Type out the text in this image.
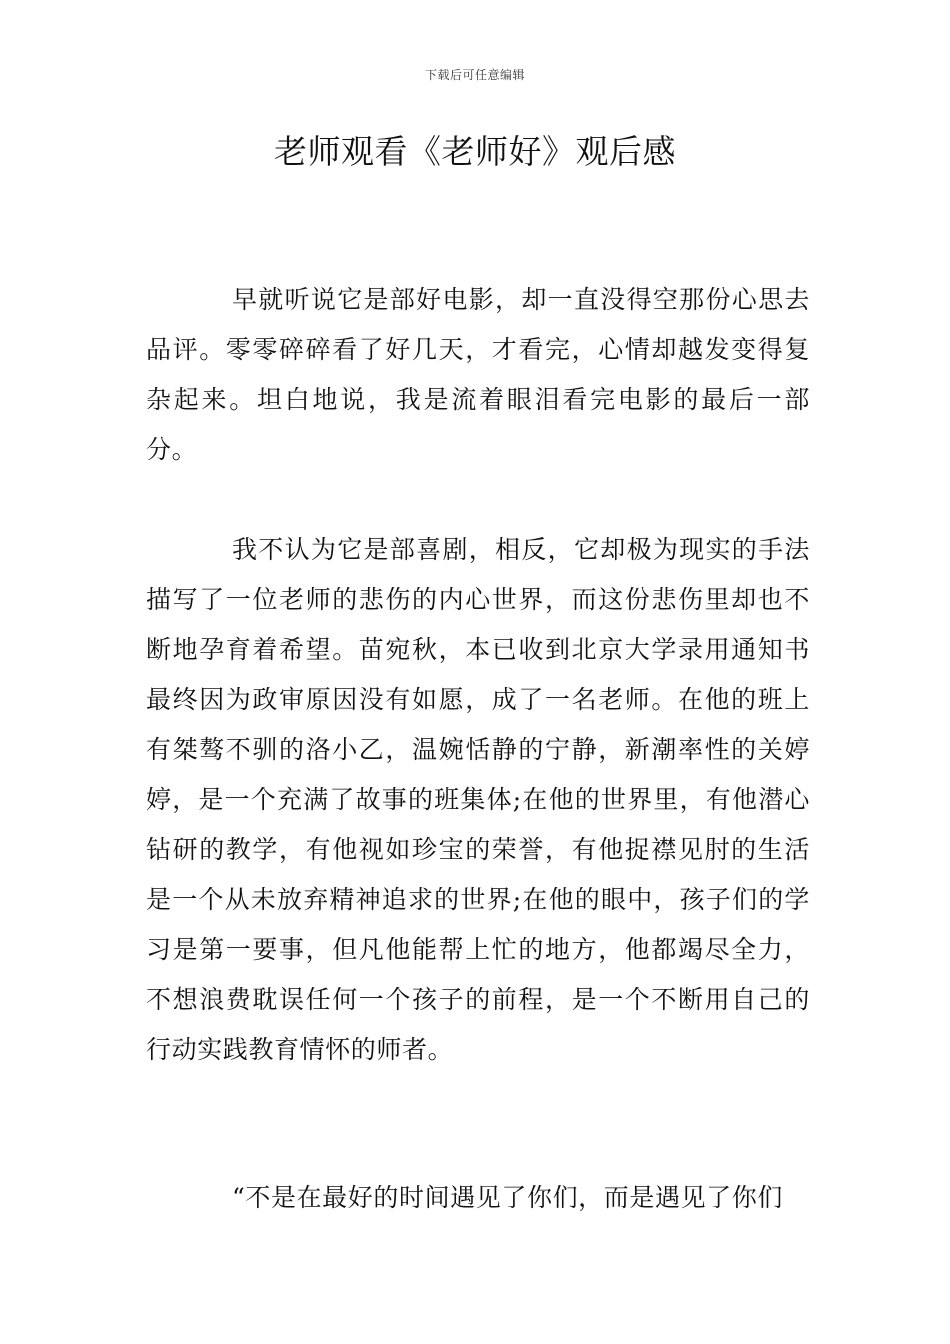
下载后可任意编辑
老师观看《老师好》观后感

早就听说它是部好电影，却一直没得空那份心思去品评。零零碎碎看了好几天，才看完，心情却越发变得复杂起来。坦白地说，我是流着眼泪看完电影的最后一部分。

我不认为它是部喜剧，相反，它却极为现实的手法描写了一位老师的悲伤的内心世界，而这份悲伤里却也不断地孕育着希望。苗宛秋，本已收到北京大学录用通知书最终因为政审原因没有如愿，成了一名老师。在他的班上有桀骜不驯的洛小乙，温婉恬静的宁静，新潮率性的关婷婷，是一个充满了故事的班集体;在他的世界里，有他潜心钻研的教学，有他视如珍宝的荣誉，有他捉襟见肘的生活是一个从未放弃精神追求的世界;在他的眼中，孩子们的学习是第一要事，但凡他能帮上忙的地方，他都竭尽全力，不想浪费耽误任何一个孩子的前程，是一个不断用自己的行动实践教育情怀的师者。

“不是在最好的时间遇见了你们，而是遇见了你们
